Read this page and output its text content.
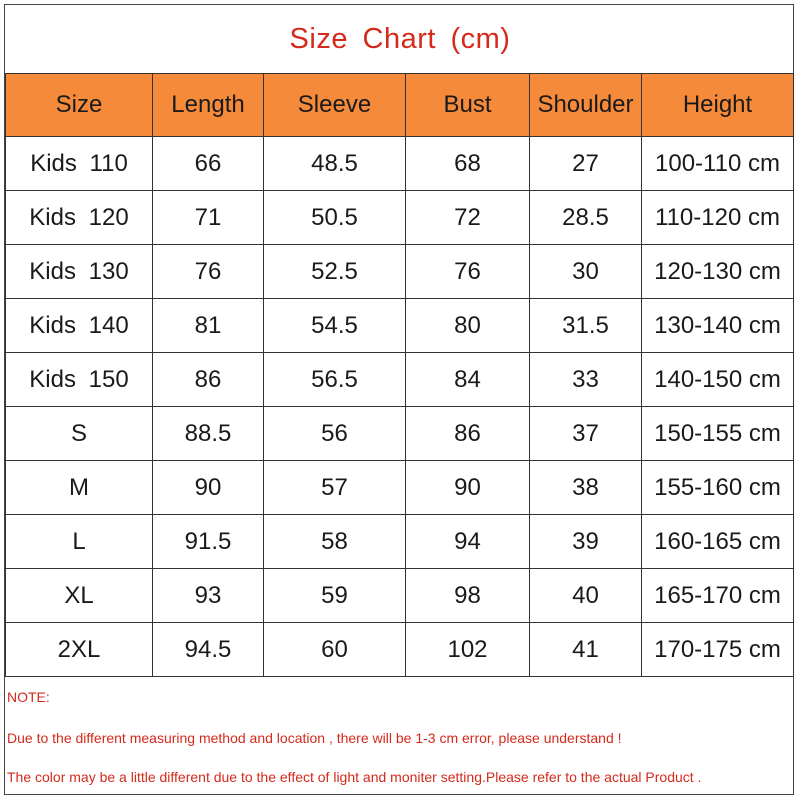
Size Chart (cm)
Size	Length	Sleeve	Bust	Shoulder	Height
Kids 110	66	48.5	68	27	100-110 cm
Kids 120	71	50.5	72	28.5	110-120 cm
Kids 130	76	52.5	76	30	120-130 cm
Kids 140	81	54.5	80	31.5	130-140 cm
Kids 150	86	56.5	84	33	140-150 cm
S	88.5	56	86	37	150-155 cm
M	90	57	90	38	155-160 cm
L	91.5	58	94	39	160-165 cm
XL	93	59	98	40	165-170 cm
2XL	94.5	60	102	41	170-175 cm
NOTE:
Due to the different measuring method and location , there will be 1-3 cm error, please understand !
The color may be a little different due to the effect of light and moniter setting.Please refer to the actual Product .
